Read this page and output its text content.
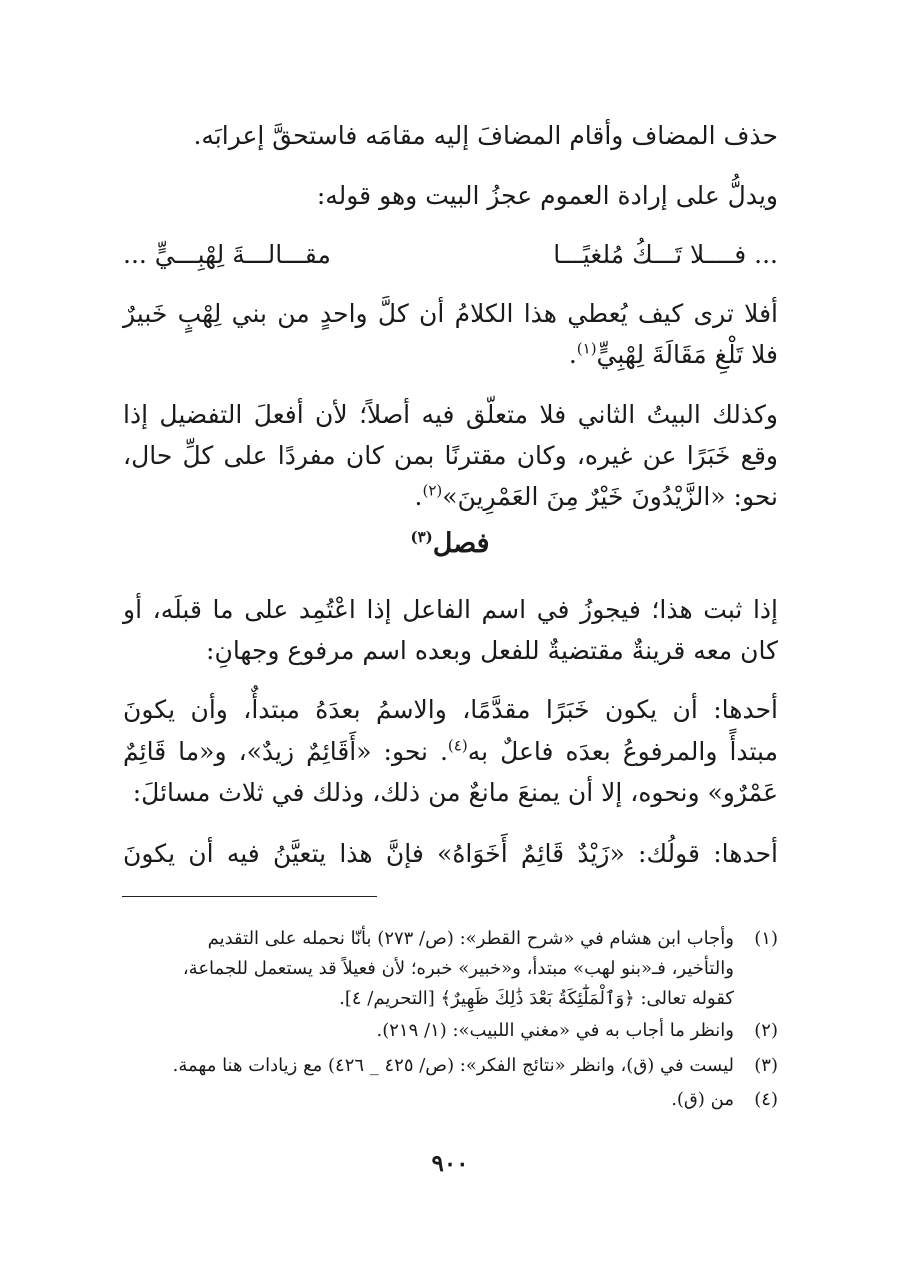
حذف المضاف وأقام المضافَ إليه مقامَه فاستحقَّ إعرابَه.
ويدلُّ على إرادة العموم عجزُ البيت وهو قوله:
... فــــلا تَـــكُ مُلغيًـــا
مقـــالـــةَ لِهْبِـــيٍّ ...
أفلا ترى كيف يُعطي هذا الكلامُ أن كلَّ واحدٍ من بني لِهْبٍ خَبيرٌ
فلا تَلْغِ مَقَالَةَ لِهْبِيٍّ$^{(١)}$.
وكذلك البيتُ الثاني فلا متعلّق فيه أصلاً؛ لأن أفعلَ التفضيل إذا
وقع خَبَرًا عن غيره، وكان مقترنًا بمن كان مفردًا على كلِّ حال،
نحو: «الزَّيْدُونَ خَيْرٌ مِنَ العَمْرِينَ»$^{(٢)}$.
فصل$^{(٣)}$
إذا ثبت هذا؛ فيجوزُ في اسم الفاعل إذا اعْتُمِد على ما قبلَه، أو
كان معه قرينةٌ مقتضيةٌ للفعل وبعده اسم مرفوع وجهانِ:
أحدها: أن يكون خَبَرًا مقدَّمًا، والاسمُ بعدَهُ مبتدأٌ، وأن يكونَ
مبتدأً والمرفوعُ بعدَه فاعلٌ به$^{(٤)}$. نحو: «أَقَائِمٌ زيدٌ»، و«ما قَائِمٌ
عَمْرٌو» ونحوه، إلا أن يمنعَ مانعٌ من ذلك، وذلك في ثلاث مسائلَ:
أحدها: قولُك: «زَيْدٌ قَائِمٌ أَخَوَاهُ» فإنَّ هذا يتعيَّنُ فيه أن يكونَ
(١)وأجاب ابن هشام في «شرح القطر»: (ص/ ٢٧٣) بأنّا نحمله على التقديم
والتأخير، فـ«بنو لهب» مبتدأ، و«خبير» خبره؛ لأن فعيلاً قد يستعمل للجماعة،
كقوله تعالى: ﴿وَٱلْمَلَٰٓئِكَةُ بَعْدَ ذَٰلِكَ ظَهِيرٌ﴾ [التحريم/ ٤].
(٢)وانظر ما أجاب به في «مغني اللبيب»: (١/ ٢١٩).
(٣)ليست في (ق)، وانظر «نتائج الفكر»: (ص/ ٤٢٥ _ ٤٢٦) مع زيادات هنا مهمة.
(٤)من (ق).
٩٠٠
